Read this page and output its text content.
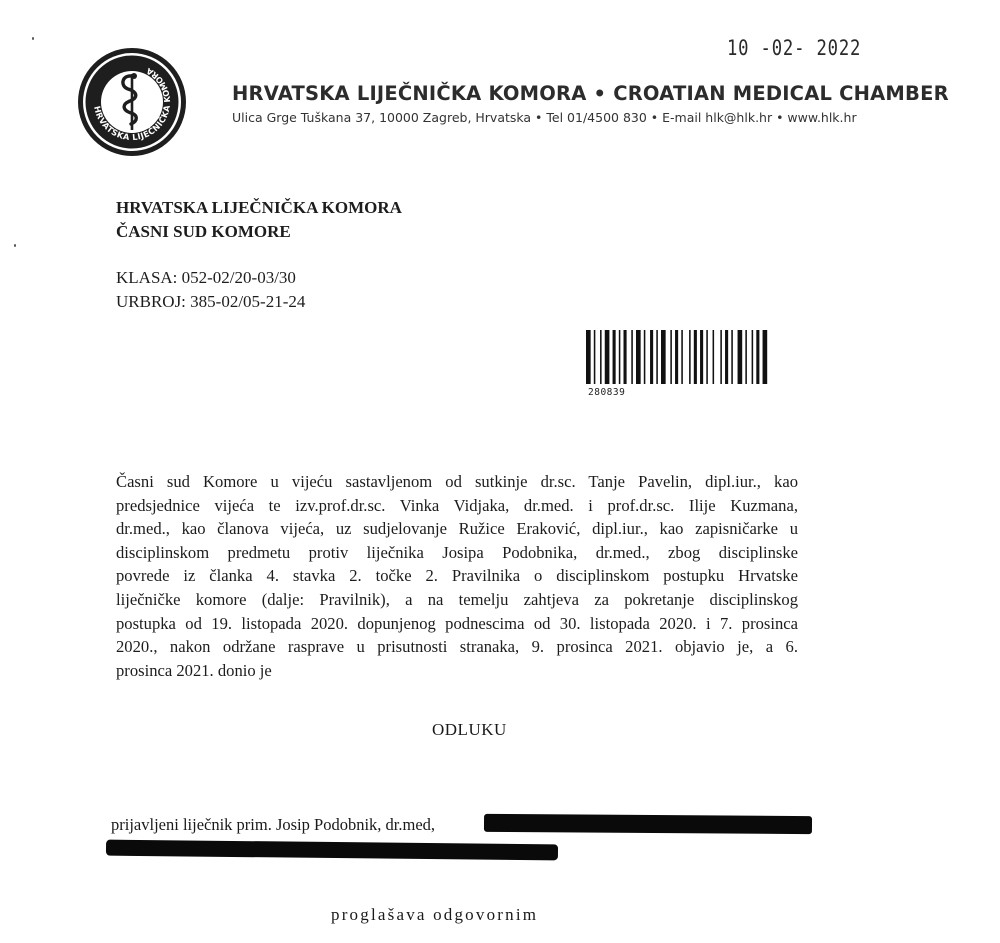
10 -02- 2022
HRVATSKA LIJEČNIČKA KOMORA
HRVATSKA LIJEČNIČKA KOMORA • CROATIAN MEDICAL CHAMBER
Ulica Grge Tuškana 37, 10000 Zagreb, Hrvatska • Tel 01/4500 830 • E-mail hlk@hlk.hr • www.hlk.hr
HRVATSKA LIJEČNIČKA KOMORA
ČASNI SUD KOMORE
KLASA: 052-02/20-03/30
URBROJ: 385-02/05-21-24
280839
Časni sud Komore u vijeću sastavljenom od sutkinje dr.sc. Tanje Pavelin, dipl.iur., kao
predsjednice vijeća te izv.prof.dr.sc. Vinka Vidjaka, dr.med. i prof.dr.sc. Ilije Kuzmana,
dr.med., kao članova vijeća, uz sudjelovanje Ružice Eraković, dipl.iur., kao zapisničarke u
disciplinskom predmetu protiv liječnika Josipa Podobnika, dr.med., zbog disciplinske
povrede iz članka 4. stavka 2. točke 2. Pravilnika o disciplinskom postupku Hrvatske
liječničke komore (dalje: Pravilnik), a na temelju zahtjeva za pokretanje disciplinskog
postupka od 19. listopada 2020. dopunjenog podnescima od 30. listopada 2020. i 7. prosinca
2020., nakon održane rasprave u prisutnosti stranaka, 9. prosinca 2021. objavio je, a 6.
prosinca 2021. donio je
ODLUKU
prijavljeni liječnik prim. Josip Podobnik, dr.med,
proglašava odgovornim
